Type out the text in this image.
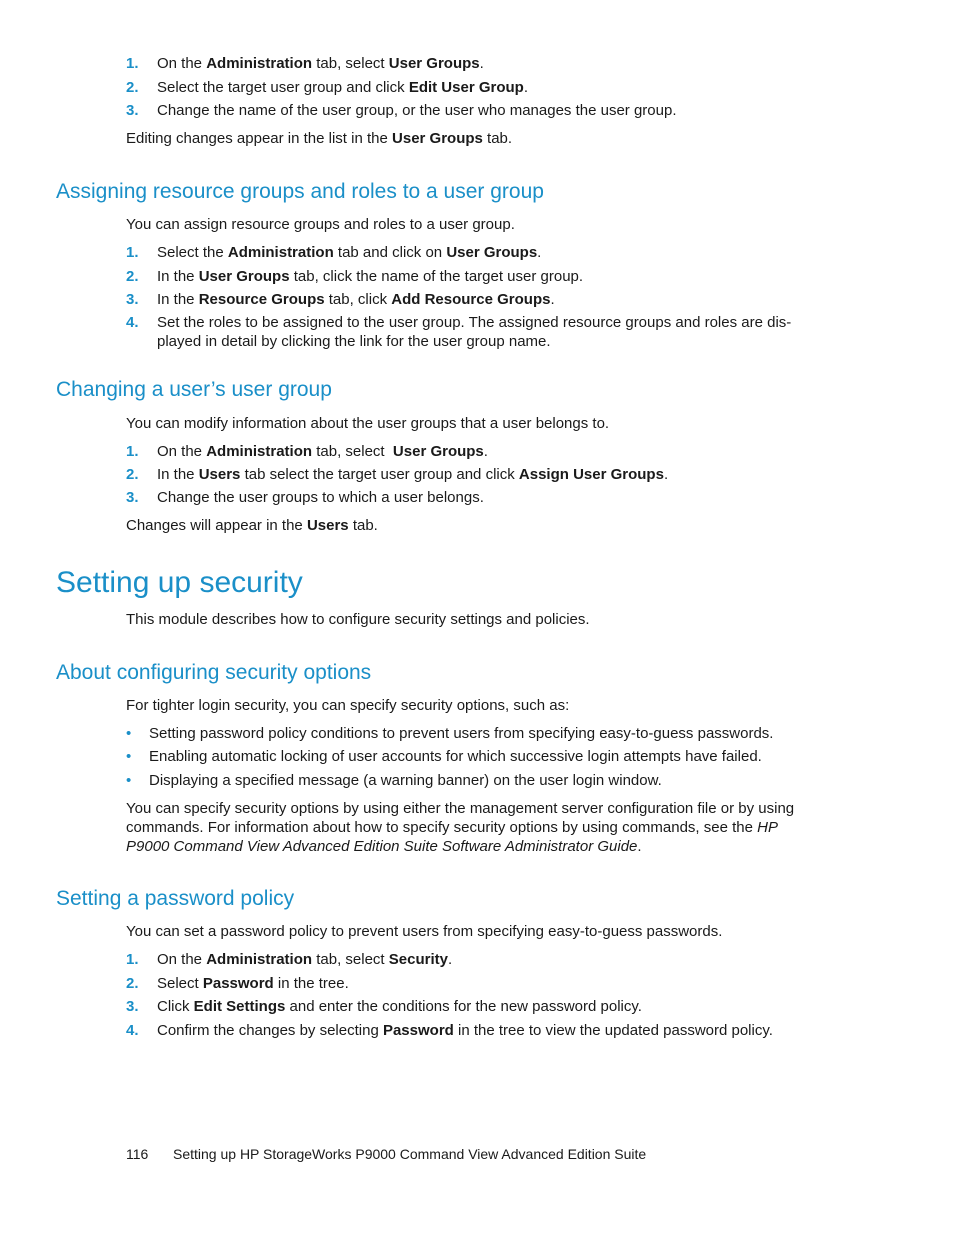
1.	On the Administration tab, select User Groups.
2.	Select the target user group and click Edit User Group.
3.	Change the name of the user group, or the user who manages the user group.
Editing changes appear in the list in the User Groups tab.
Assigning resource groups and roles to a user group
You can assign resource groups and roles to a user group.
1.	Select the Administration tab and click on User Groups.
2.	In the User Groups tab, click the name of the target user group.
3.	In the Resource Groups tab, click Add Resource Groups.
4.	Set the roles to be assigned to the user group. The assigned resource groups and roles are dis-played in detail by clicking the link for the user group name.
Changing a user’s user group
You can modify information about the user groups that a user belongs to.
1.	On the Administration tab, select  User Groups.
2.	In the Users tab select the target user group and click Assign User Groups.
3.	Change the user groups to which a user belongs.
Changes will appear in the Users tab.
Setting up security
This module describes how to configure security settings and policies.
About configuring security options
For tighter login security, you can specify security options, such as:
• Setting password policy conditions to prevent users from specifying easy-to-guess passwords.
• Enabling automatic locking of user accounts for which successive login attempts have failed.
• Displaying a specified message (a warning banner) on the user login window.
You can specify security options by using either the management server configuration file or by using commands. For information about how to specify security options by using commands, see the HP P9000 Command View Advanced Edition Suite Software Administrator Guide.
Setting a password policy
You can set a password policy to prevent users from specifying easy-to-guess passwords.
1.	On the Administration tab, select Security.
2.	Select Password in the tree.
3.	Click Edit Settings and enter the conditions for the new password policy.
4.	Confirm the changes by selecting Password in the tree to view the updated password policy.
116 Setting up HP StorageWorks P9000 Command View Advanced Edition Suite
